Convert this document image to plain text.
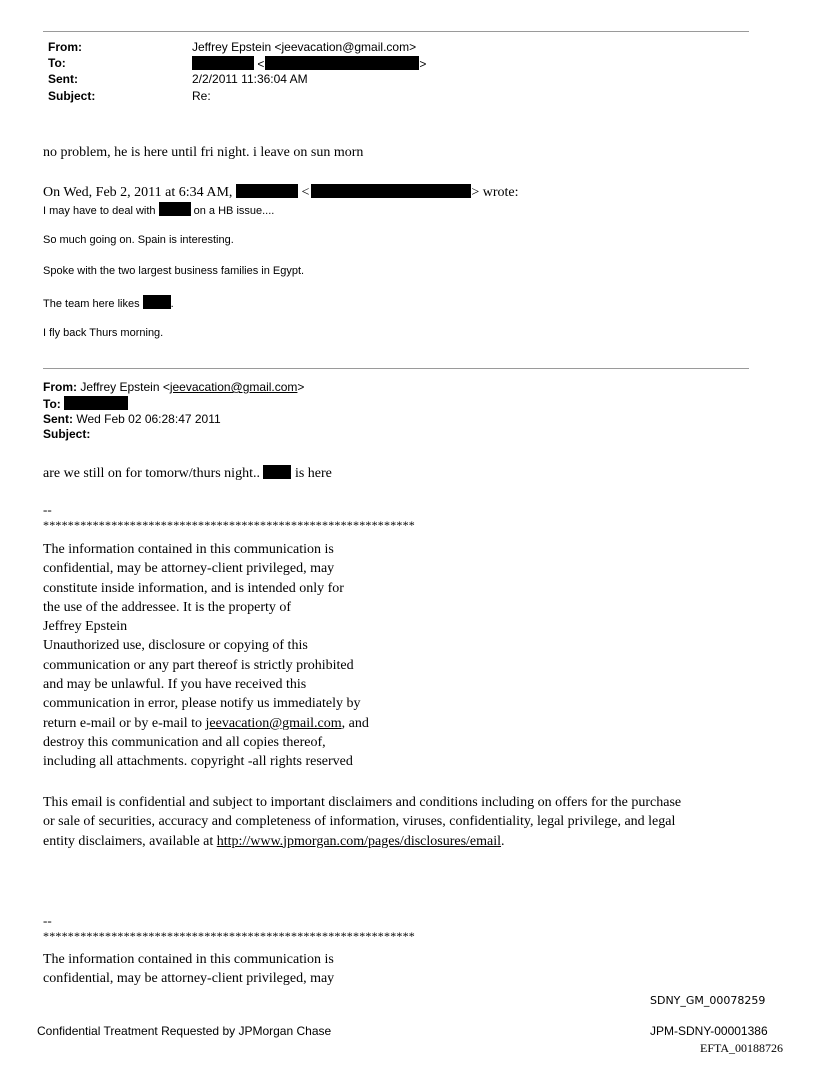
From:	Jeffrey Epstein <jeevacation@gmail.com>
To:	<	>
Sent:	2/2/2011 11:36:04 AM
Subject:	Re:
no problem, he is here until fri night. i leave on sun morn
On Wed, Feb 2, 2011 at 6:34 AM,	<	> wrote:
I may have to deal with	on a HB issue....
So much going on. Spain is interesting.
Spoke with the two largest business families in Egypt.
The team here likes	.
I fly back Thurs morning.
From: Jeffrey Epstein <jeevacation@gmail.com>
To:
Sent: Wed Feb 02 06:28:47 2011
Subject:
are we still on for tomorw/thurs night..	is here
--
************************************************************
The information contained in this communication is
confidential, may be attorney-client privileged, may
constitute inside information, and is intended only for
the use of the addressee. It is the property of
Jeffrey Epstein
Unauthorized use, disclosure or copying of this
communication or any part thereof is strictly prohibited
and may be unlawful. If you have received this
communication in error, please notify us immediately by
return e-mail or by e-mail to jeevacation@gmail.com, and
destroy this communication and all copies thereof,
including all attachments. copyright -all rights reserved
This email is confidential and subject to important disclaimers and conditions including on offers for the purchase
or sale of securities, accuracy and completeness of information, viruses, confidentiality, legal privilege, and legal
entity disclaimers, available at http://www.jpmorgan.com/pages/disclosures/email.
--
************************************************************
The information contained in this communication is
confidential, may be attorney-client privileged, may
SDNY_GM_00078259
Confidential Treatment Requested by JPMorgan Chase	JPM-SDNY-00001386
EFTA_00188726
